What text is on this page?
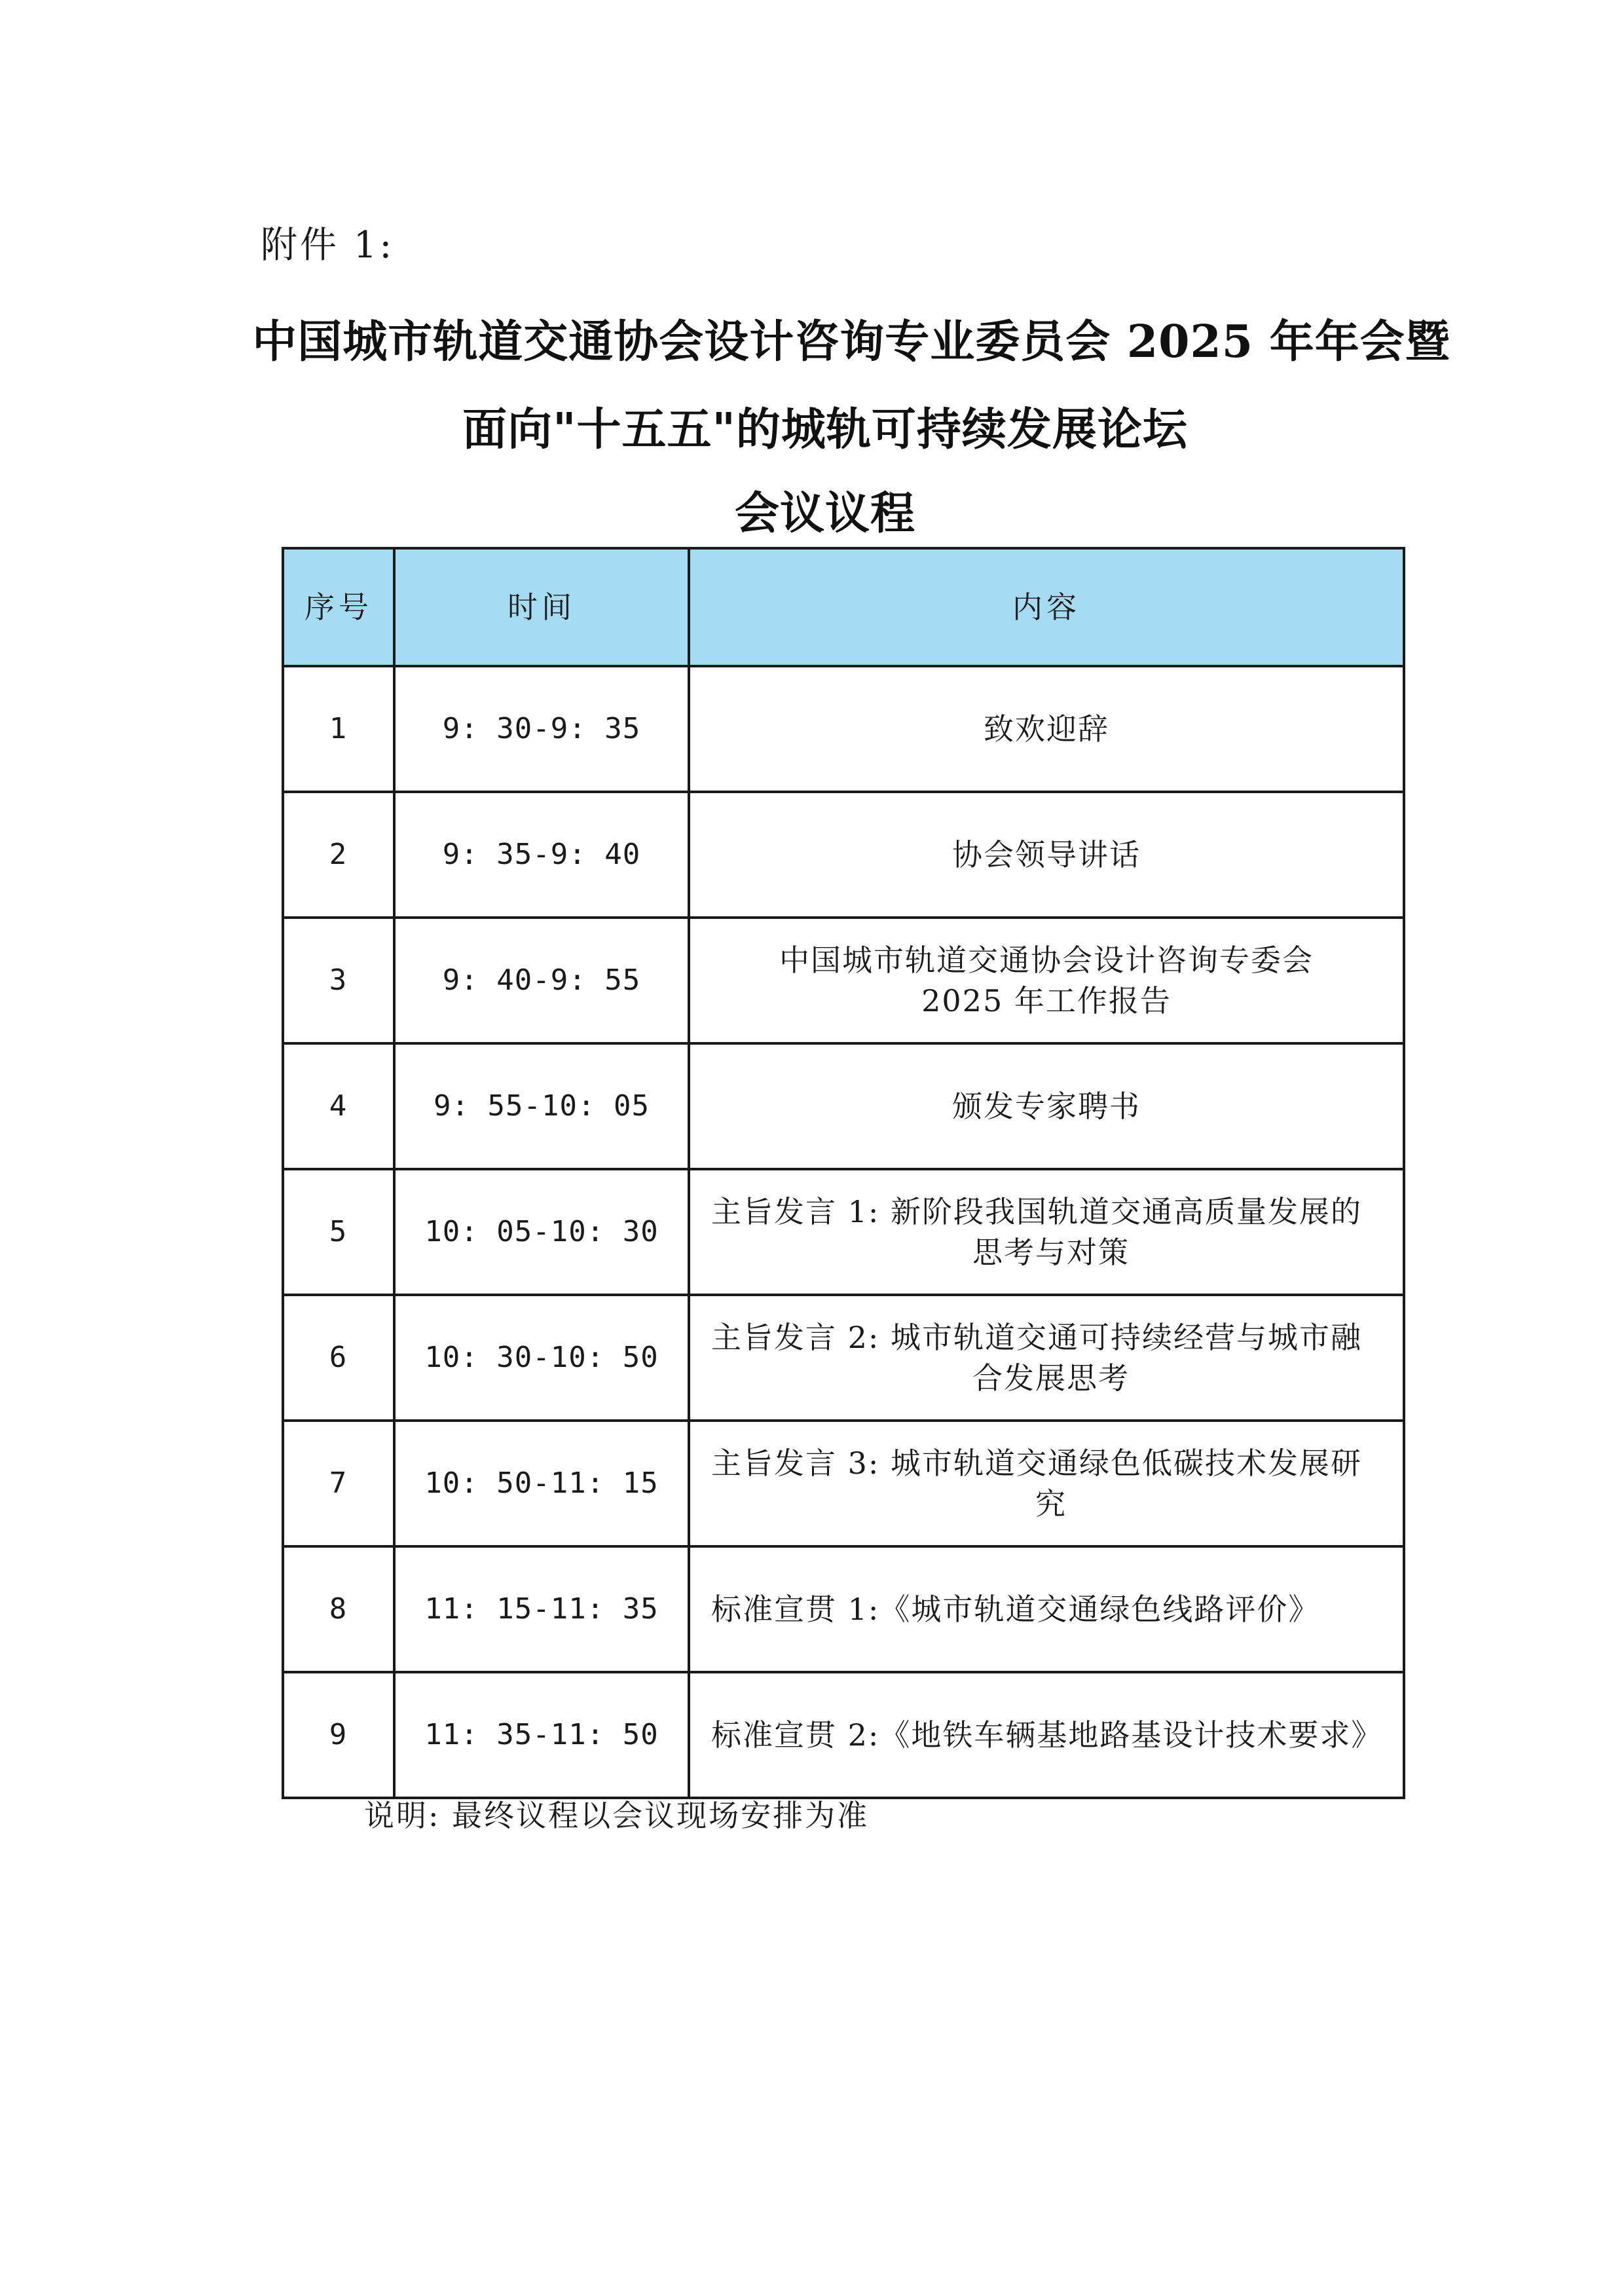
附件 1:
中国城市轨道交通协会设计咨询专业委员会 2025 年年会暨
面向"十五五"的城轨可持续发展论坛
会议议程
序号	时间	内容
1	9: 30-9: 35	致欢迎辞

2	9: 35-9: 40	协会领导讲话

3	9: 40-9: 55	中国城市轨道交通协会设计咨询专委会
2025 年工作报告

4	9: 55-10: 05	颁发专家聘书

5	10: 05-10: 30	主旨发言 1: 新阶段我国轨道交通高质量发展的
思考与对策

6	10: 30-10: 50	主旨发言 2: 城市轨道交通可持续经营与城市融
合发展思考

7	10: 50-11: 15	主旨发言 3: 城市轨道交通绿色低碳技术发展研
究

8	11: 15-11: 35	标准宣贯 1:《城市轨道交通绿色线路评价》

9	11: 35-11: 50	标准宣贯 2:《地铁车辆基地路基设计技术要求》
说明: 最终议程以会议现场安排为准
